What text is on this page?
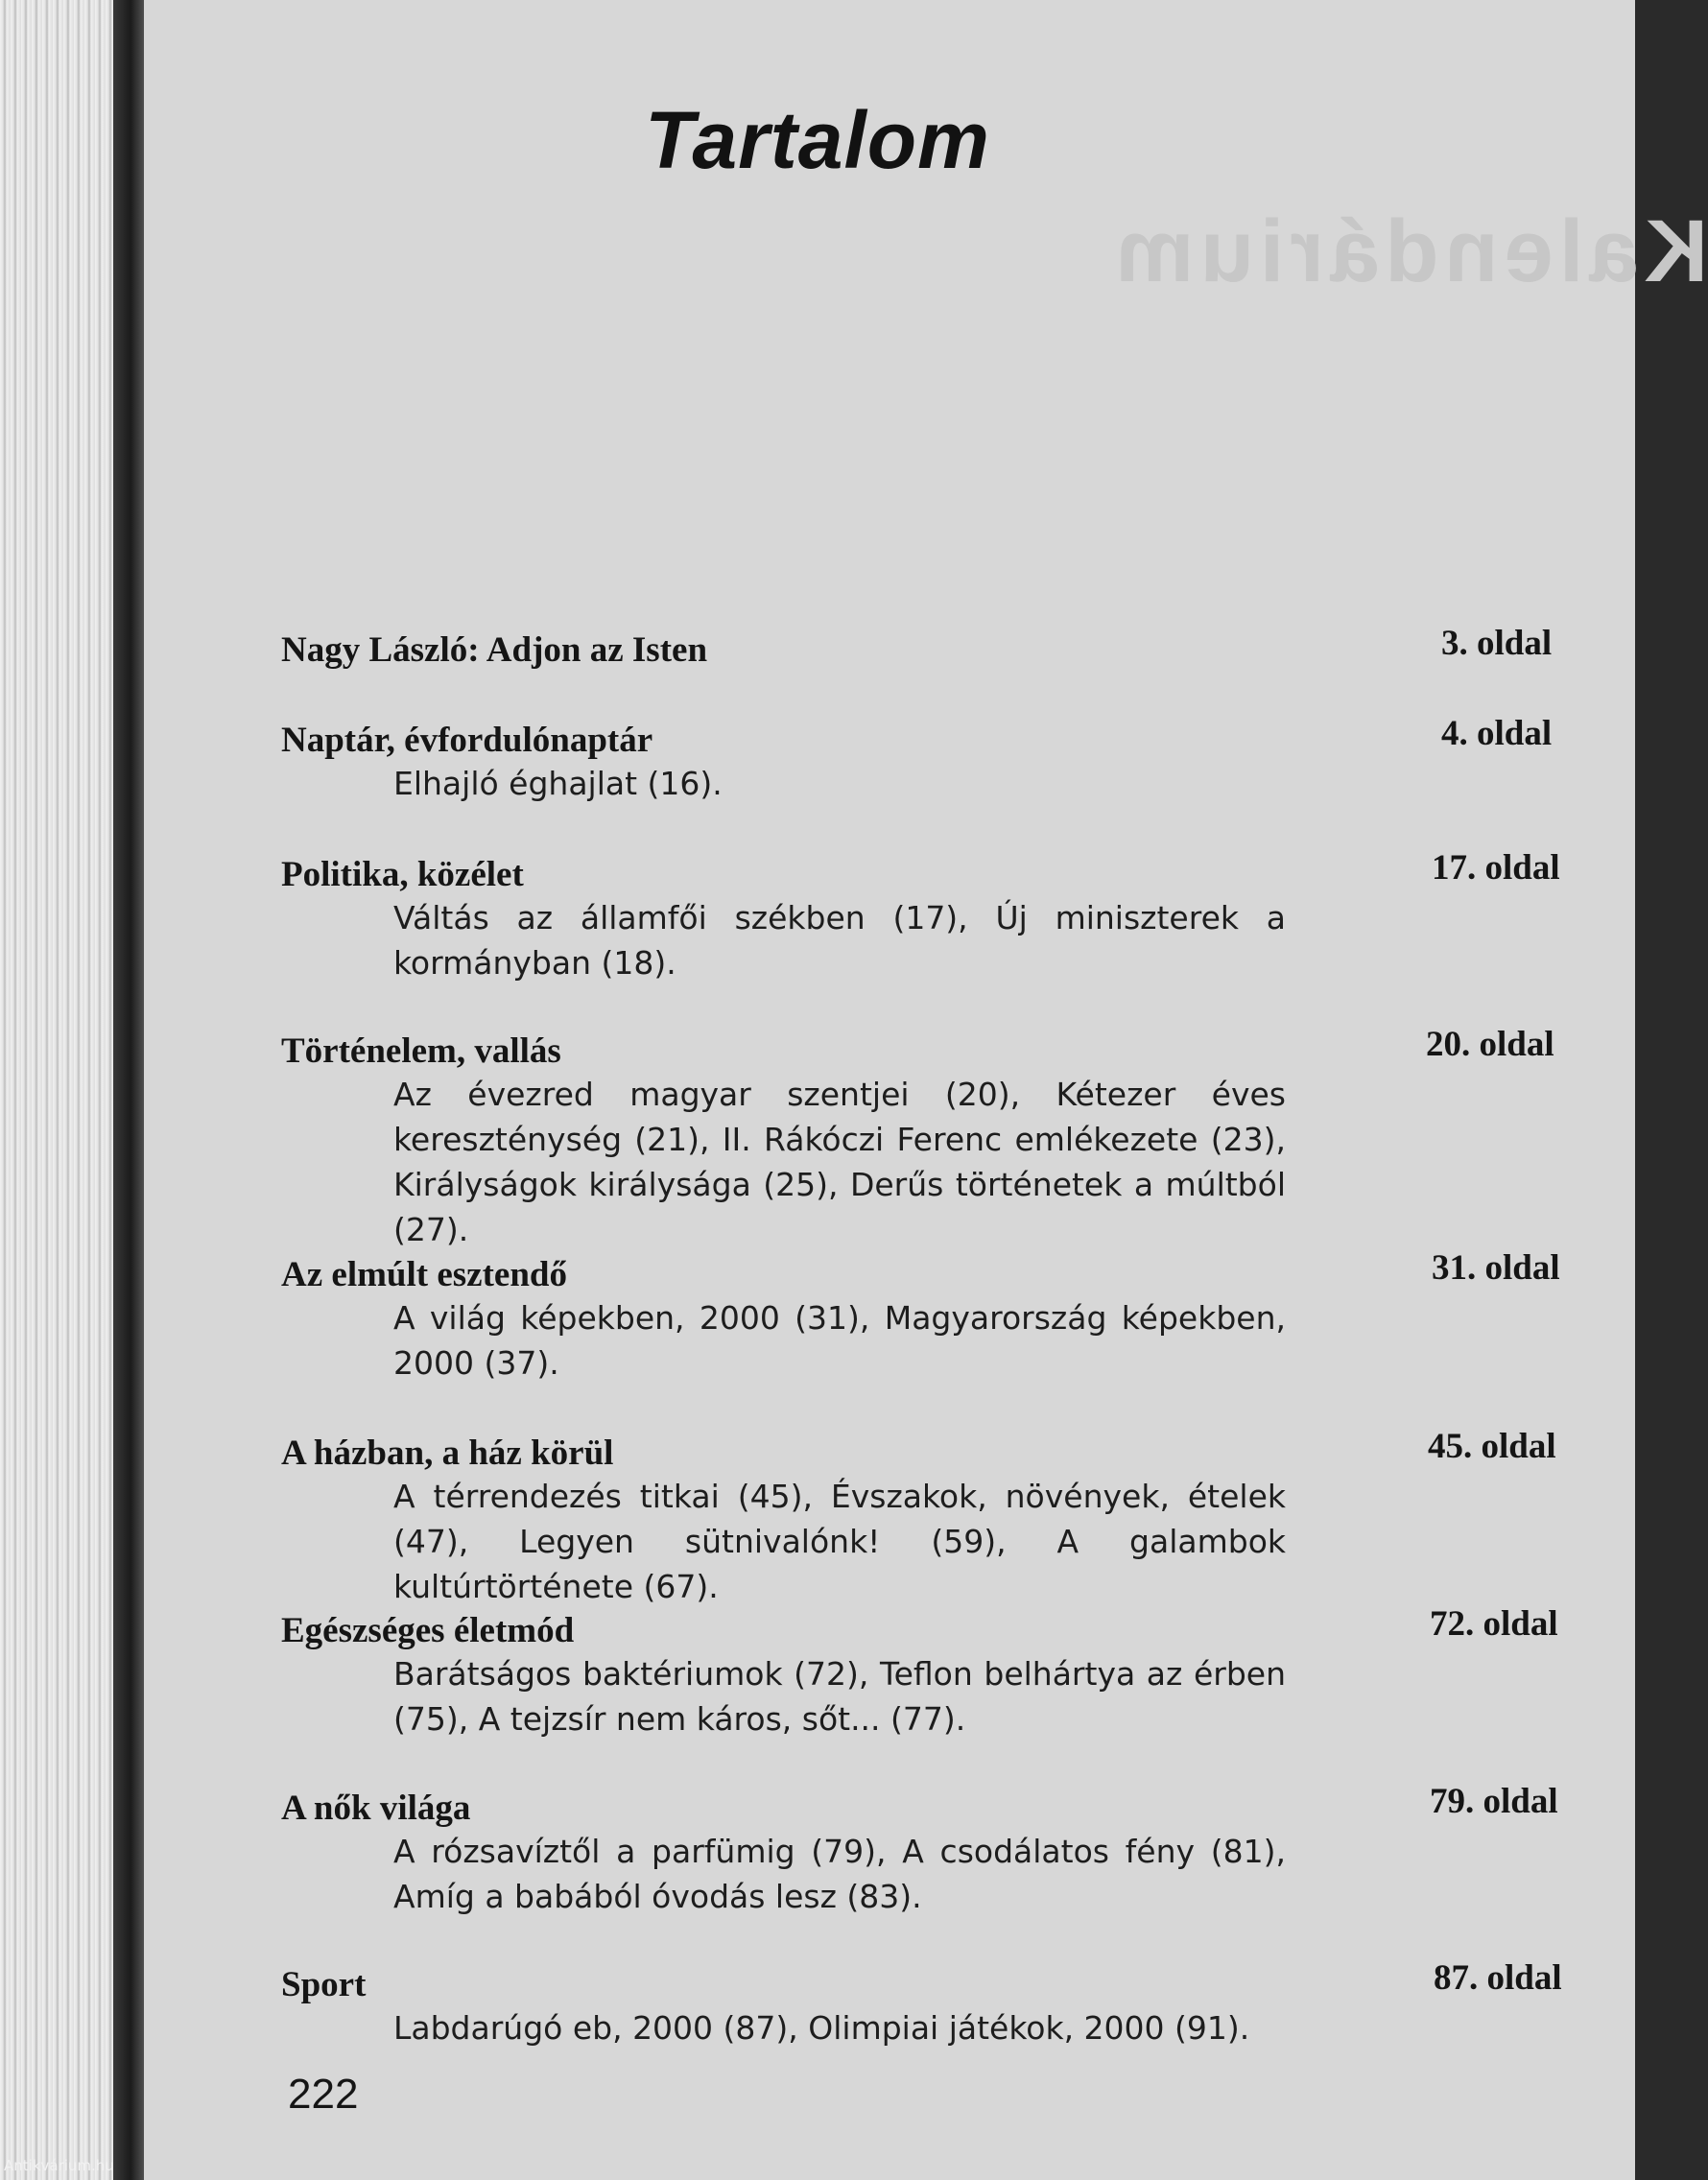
Kalendárium
Tartalom
Nagy László: Adjon az Isten	3. oldal
Naptár, évfordulónaptár	4. oldal
Elhajló éghajlat (16).
Politika, közélet	17. oldal
Váltás az államfői székben (17), Új miniszterek a kormányban (18).
Történelem, vallás	20. oldal
Az évezred magyar szentjei (20), Kétezer éves kereszténység (21), II. Rákóczi Ferenc emlékezete (23), Királyságok királysága (25), Derűs történetek a múltból (27).
Az elmúlt esztendő	31. oldal
A világ képekben, 2000 (31), Magyarország képekben, 2000 (37).
A házban, a ház körül	45. oldal
A térrendezés titkai (45), Évszakok, növények, ételek (47), Legyen sütnivalónk! (59), A galambok kultúrtörténete (67).
Egészséges életmód	72. oldal
Barátságos baktériumok (72), Teflon belhártya az érben (75), A tejzsír nem káros, sőt... (77).
A nők világa	79. oldal
A rózsavíztől a parfümig (79), A csodálatos fény (81), Amíg a babából óvodás lesz (83).
Sport	87. oldal
Labdarúgó eb, 2000 (87), Olimpiai játékok, 2000 (91).
222
Antikvárium.hu
